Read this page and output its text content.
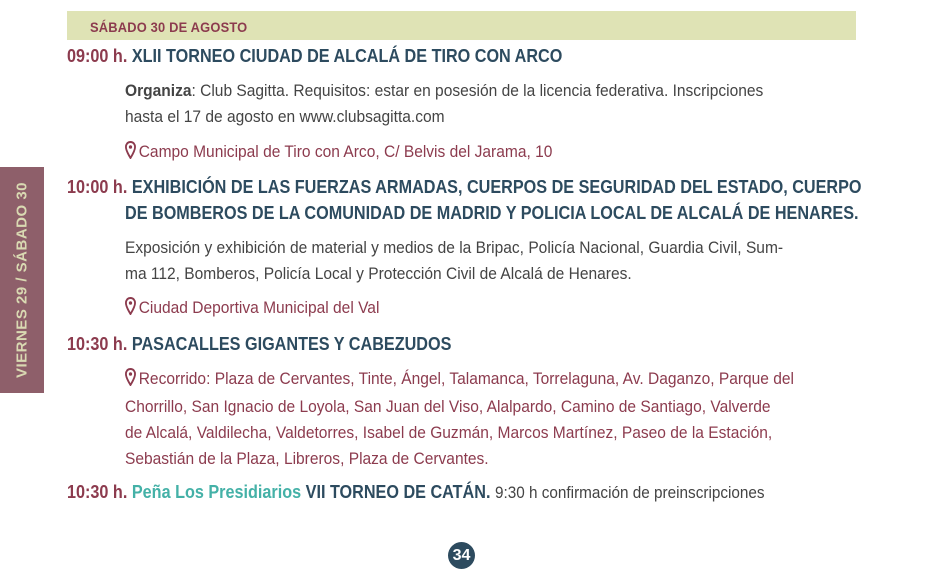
SÁBADO 30 DE AGOSTO
VIERNES 29 / SÁBADO 30
09:00 h. XLII TORNEO CIUDAD DE ALCALÁ DE TIRO CON ARCO
Organiza: Club Sagitta. Requisitos: estar en posesión de la licencia federativa. Inscripciones
hasta el 17 de agosto en www.clubsagitta.com
Campo Municipal de Tiro con Arco, C/ Belvis del Jarama, 10
10:00 h. EXHIBICIÓN DE LAS FUERZAS ARMADAS, CUERPOS DE SEGURIDAD DEL ESTADO, CUERPO
DE BOMBEROS DE LA COMUNIDAD DE MADRID Y POLICIA LOCAL DE ALCALÁ DE HENARES.
Exposición y exhibición de material y medios de la Bripac, Policía Nacional, Guardia Civil, Sum-
ma 112, Bomberos, Policía Local y Protección Civil de Alcalá de Henares.
Ciudad Deportiva Municipal del Val
10:30 h. PASACALLES GIGANTES Y CABEZUDOS
Recorrido: Plaza de Cervantes, Tinte, Ángel, Talamanca, Torrelaguna, Av. Daganzo, Parque del
Chorrillo, San Ignacio de Loyola, San Juan del Viso, Alalpardo, Camino de Santiago, Valverde
de Alcalá, Valdilecha, Valdetorres, Isabel de Guzmán, Marcos Martínez, Paseo de la Estación,
Sebastián de la Plaza, Libreros, Plaza de Cervantes.
10:30 h. Peña Los Presidiarios VII TORNEO DE CATÁN. 9:30 h confirmación de preinscripciones
34
